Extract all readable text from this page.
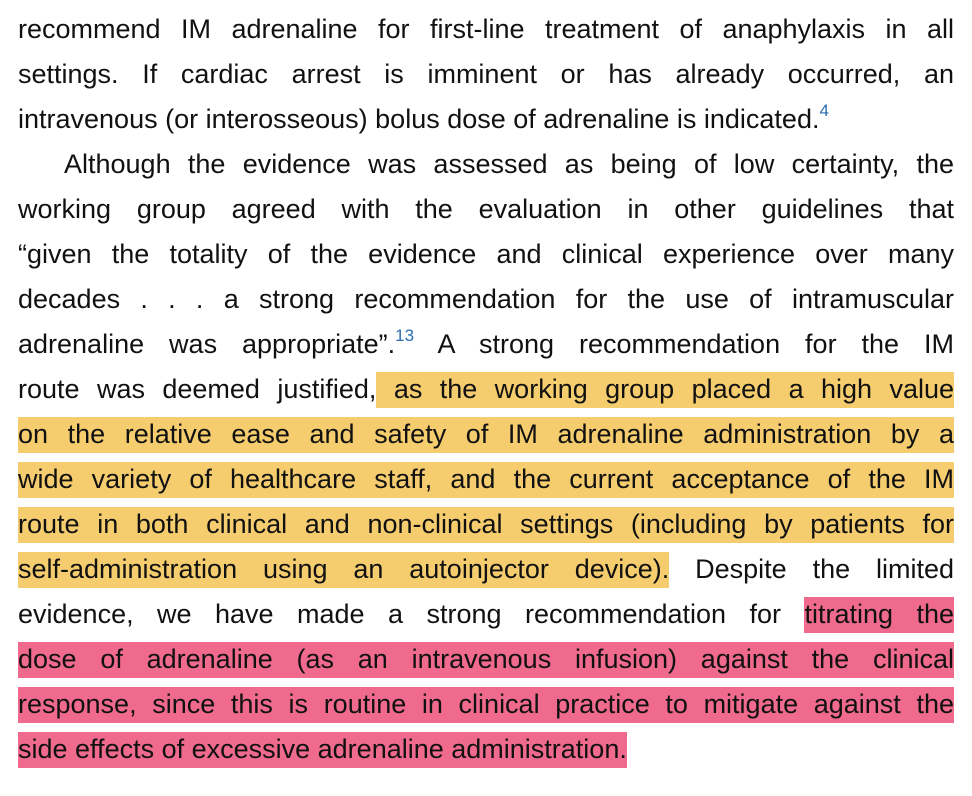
recommend IM adrenaline for first-line treatment of anaphylaxis in all
settings. If cardiac arrest is imminent or has already occurred, an
intravenous (or interosseous) bolus dose of adrenaline is indicated.$^4$
Although the evidence was assessed as being of low certainty, the
working group agreed with the evaluation in other guidelines that
“given the totality of the evidence and clinical experience over many
decades . . . a strong recommendation for the use of intramuscular
adrenaline was appropriate”.$^{13}$ A strong recommendation for the IM
route was deemed justified, as the working group placed a high value
on the relative ease and safety of IM adrenaline administration by a
wide variety of healthcare staff, and the current acceptance of the IM
route in both clinical and non-clinical settings (including by patients for
self-administration using an autoinjector device). Despite the limited
evidence, we have made a strong recommendation for titrating the
dose of adrenaline (as an intravenous infusion) against the clinical
response, since this is routine in clinical practice to mitigate against the
side effects of excessive adrenaline administration.
